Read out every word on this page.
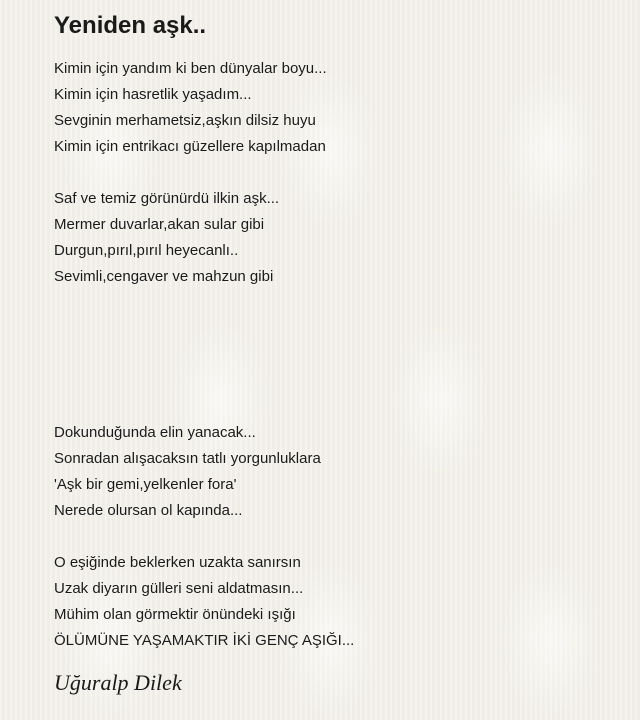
Yeniden aşk..
Kimin için yandım ki ben dünyalar boyu...
Kimin için hasretlik yaşadım...
Sevginin merhametsiz,aşkın dilsiz huyu
Kimin için entrikacı güzellere kapılmadan
Saf ve temiz görünürdü ilkin aşk...
Mermer duvarlar,akan sular gibi
Durgun,pırıl,pırıl heyecanlı..
Sevimli,cengaver ve mahzun gibi
Dokunduğunda elin yanacak...
Sonradan alışacaksın tatlı yorgunluklara
'Aşk bir gemi,yelkenler fora'
Nerede olursan ol kapında...
O eşiğinde beklerken uzakta sanırsın
Uzak diyarın gülleri seni aldatmasın...
Mühim olan görmektir önündeki ışığı
ÖLÜMÜNE YAŞAMAKTIR İKİ GENÇ AŞIĞI...
Uğuralp Dilek
